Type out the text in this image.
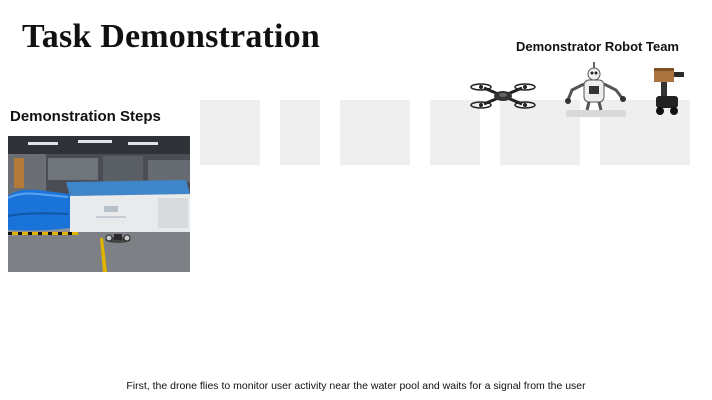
Task Demonstration	Demonstrator Robot Team
Demonstration Steps
First, the drone flies to monitor user activity near the water pool and waits for a signal from the user
